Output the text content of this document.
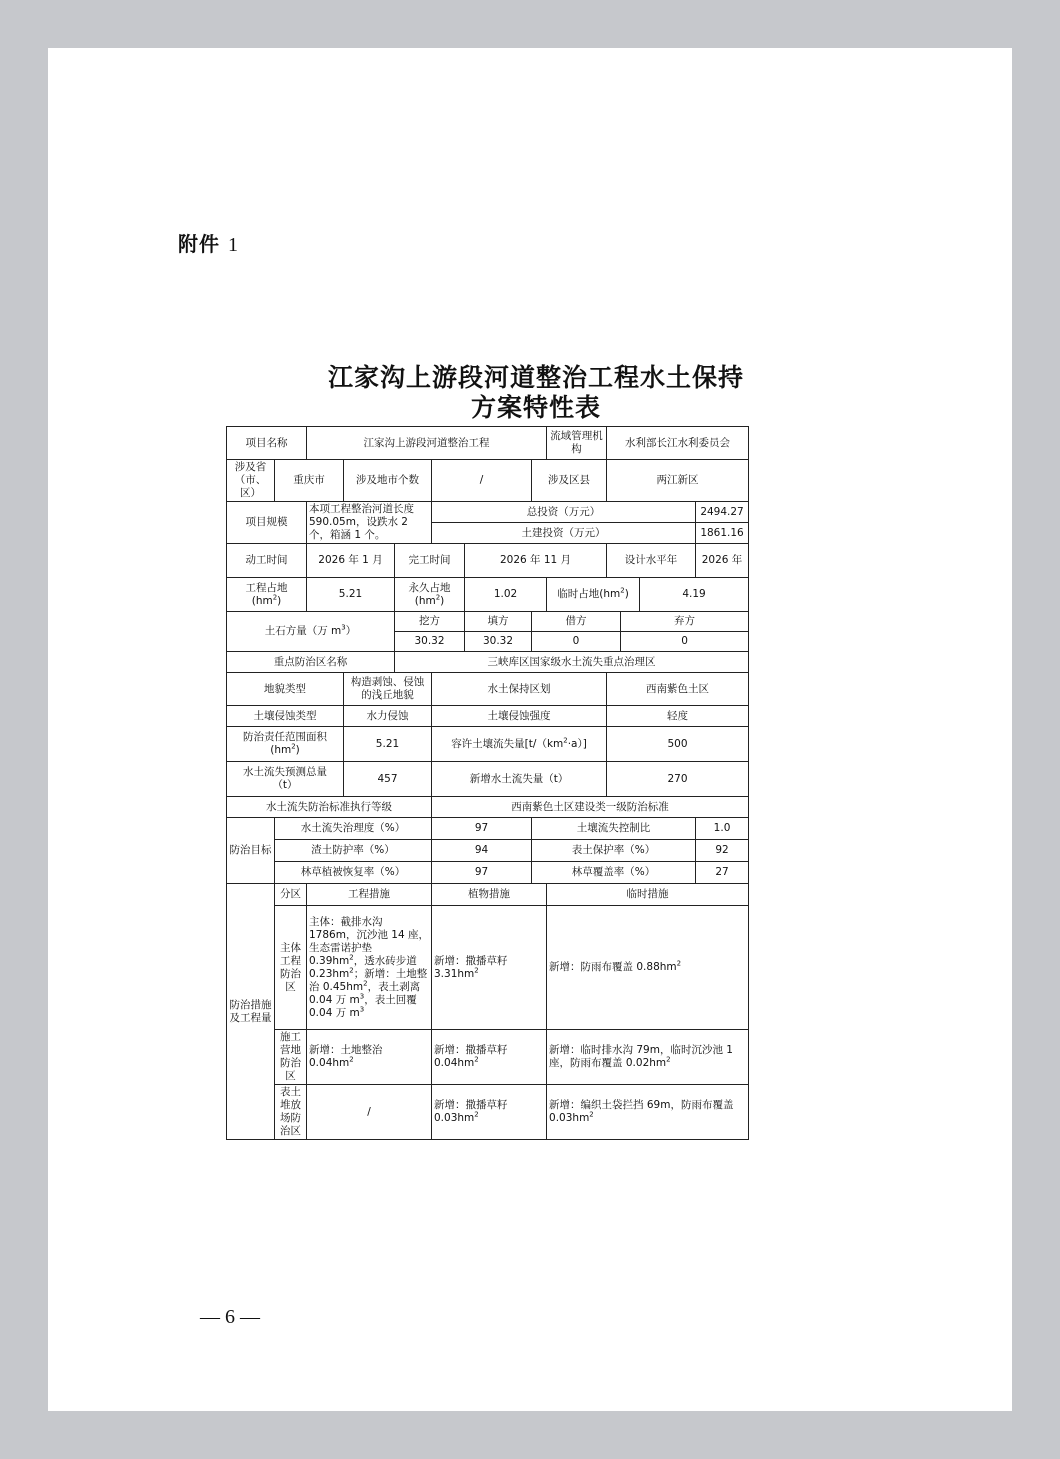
附件 1
江家沟上游段河道整治工程水土保持
方案特性表
项目名称		江家沟上游段河道整治工程						流域管理机构	水利部长江水利委员会			
涉及省（市、区）	重庆市		涉及地市个数		/		涉及区县		两江新区			
项目规模		本项工程整治河道长度 590.05m，设跌水 2 个，箱涵 1 个。			总投资（万元）							2494.27
					土建投资（万元）							1861.16
动工时间		2026 年 1 月		完工时间		2026 年 11 月			设计水平年			2026 年
工程占地
$(hm^2)$		5.21		永久占地$(hm^2)$		1.02		临时占地$(hm^2)$			4.19	
土石方量（万 $m^3$）				挖方		填方	借方			弃方		
				30.32		30.32	0			0		
重点防治区名称				三峡库区国家级水土流失重点治理区								
地貌类型			构造剥蚀、侵蚀的浅丘地貌		水土保持区划				西南紫色土区			
土壤侵蚀类型			水力侵蚀		土壤侵蚀强度				轻度			
防治责任范围面积
$(hm^2)$			5.21		容许土壤流失量$[t/(km^2\cdot a)]$				500			
水土流失预测总量
（t）			457		新增水土流失量（t）				270			
水土流失防治标准执行等级					西南紫色土区建设类一级防治标准							
防治目标	水土流失治理度（%）				97		土壤流失控制比					1.0
	渣土防护率（%）				94		表土保护率（%）					92
	林草植被恢复率（%）				97		林草覆盖率（%）					27
防治措施及工程量	分区	工程措施			植物措施			临时措施				
	主体工程防治区	主体：截排水沟 1786m，沉沙池 14 座，生态雷诺护垫 $0.39hm^2$，透水砖步道 $0.23hm^2$；新增：土地整治 $0.45hm^2$，表土剥离 0.04 万 $m^3$，表土回覆 0.04 万 $m^3$			新增：撒播草籽 $3.31hm^2$			新增：防雨布覆盖 $0.88hm^2$
	施工营地防治区	新增：土地整治 $0.04hm^2$			新增：撒播草籽 $0.04hm^2$			新增：临时排水沟 79m，临时沉沙池 1 座，防雨布覆盖 $0.02hm^2$
	表土堆放场防治区	/			新增：撒播草籽 $0.03hm^2$			新增：编织土袋拦挡 69m，防雨布覆盖 $0.03hm^2$
— 6 —
